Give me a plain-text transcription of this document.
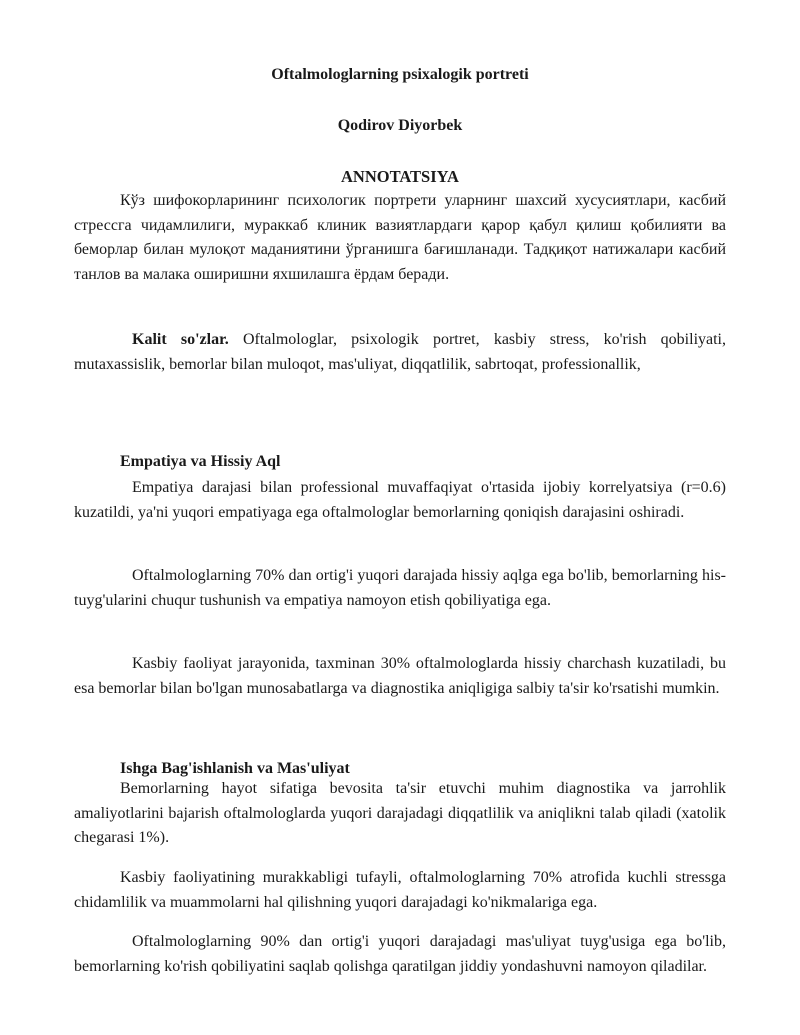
Oftalmologlarning psixalogik portreti
Qodirov Diyorbek
ANNOTATSIYA

Кўз шифокорларининг психологик портрети уларнинг шахсий хусусиятлари, касбий стрессга чидамлилиги, мураккаб клиник вазиятлардаги қарор қабул қилиш қобилияти ва беморлар билан мулоқот маданиятини ўрганишга бағишланади. Тадқиқот натижалари касбий танлов ва малака оширишни яхшилашга ёрдам беради.

Kalit so'zlar. Oftalmologlar, psixologik portret, kasbiy stress, ko'rish qobiliyati, mutaxassislik, bemorlar bilan muloqot, mas'uliyat, diqqatlilik, sabrtoqat, professionallik,

Empatiya va Hissiy Aql

Empatiya darajasi bilan professional muvaffaqiyat o'rtasida ijobiy korrelyatsiya (r=0.6) kuzatildi, ya'ni yuqori empatiyaga ega oftalmologlar bemorlarning qoniqish darajasini oshiradi.

Oftalmologlarning 70% dan ortig'i yuqori darajada hissiy aqlga ega bo'lib, bemorlarning his-tuyg'ularini chuqur tushunish va empatiya namoyon etish qobiliyatiga ega.

Kasbiy faoliyat jarayonida, taxminan 30% oftalmologlarda hissiy charchash kuzatiladi, bu esa bemorlar bilan bo'lgan munosabatlarga va diagnostika aniqligiga salbiy ta'sir ko'rsatishi mumkin.

Ishga Bag'ishlanish va Mas'uliyat

Bemorlarning hayot sifatiga bevosita ta'sir etuvchi muhim diagnostika va jarrohlik amaliyotlarini bajarish oftalmologlarda yuqori darajadagi diqqatlilik va aniqlikni talab qiladi (xatolik chegarasi 1%).

Kasbiy faoliyatining murakkabligi tufayli, oftalmologlarning 70% atrofida kuchli stressga chidamlilik va muammolarni hal qilishning yuqori darajadagi ko'nikmalariga ega.

Oftalmologlarning 90% dan ortig'i yuqori darajadagi mas'uliyat tuyg'usiga ega bo'lib, bemorlarning ko'rish qobiliyatini saqlab qolishga qaratilgan jiddiy yondashuvni namoyon qiladilar.
